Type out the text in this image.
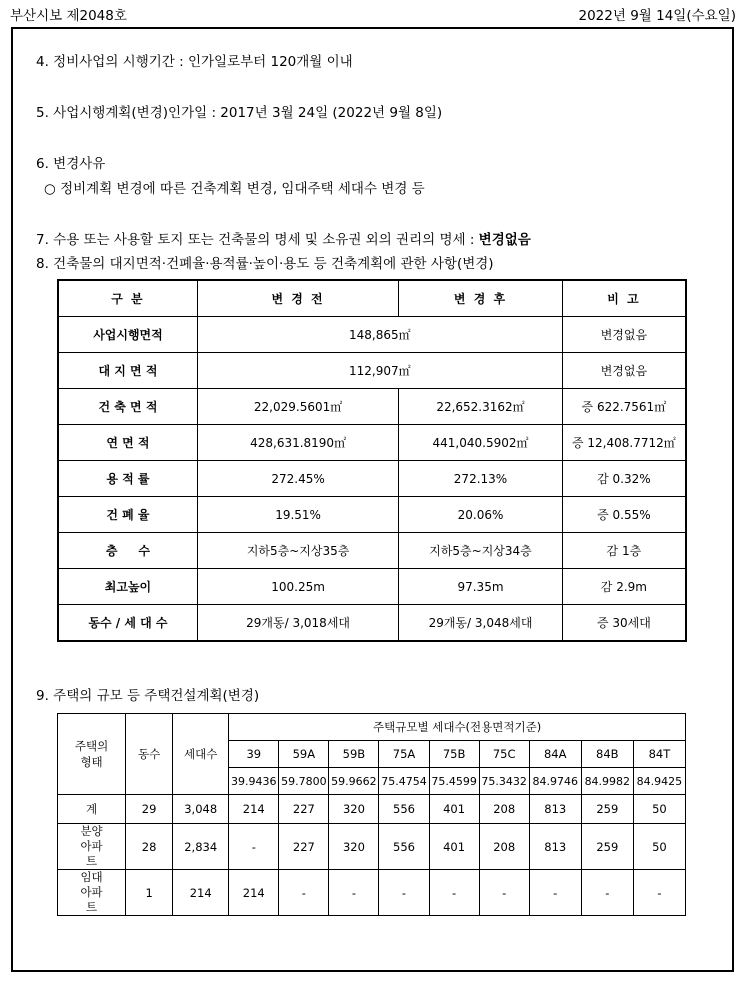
부산시보 제2048호	2022년 9월 14일(수요일)
4. 정비사업의 시행기간 : 인가일로부터 120개월 이내
5. 사업시행계획(변경)인가일 : 2017년 3월 24일 (2022년 9월 8일)
6. 변경사유
○ 정비계획 변경에 따른 건축계획 변경, 임대주택 세대수 변경 등
7. 수용 또는 사용할 토지 또는 건축물의 명세 및 소유권 외의 권리의 명세 : 변경없음
8. 건축물의 대지면적·건폐율·용적률·높이·용도 등 건축계획에 관한 사항(변경)
구 분	변 경 전	변 경 후	비 고
사업시행면적	148,865㎡		변경없음
대 지 면 적	112,907㎡		변경없음
건 축 면 적	22,029.5601㎡	22,652.3162㎡	증 622.7561㎡
연 면 적	428,631.8190㎡	441,040.5902㎡	증 12,408.7712㎡
용 적 률	272.45%	272.13%	감 0.32%
건 폐 율	19.51%	20.06%	증 0.55%
층     수	지하5층~지상35층	지하5층~지상34층	감 1층
최고높이	100.25m	97.35m	감 2.9m
동수 / 세 대 수	29개동/ 3,018세대	29개동/ 3,048세대	증 30세대
9. 주택의 규모 등 주택건설계획(변경)
주택의 형태	동수	세대수	주택규모별 세대수(전용면적기준)								
			39	59A	59B	75A	75B	75C	84A	84B	84T
			39.9436	59.7800	59.9662	75.4754	75.4599	75.3432	84.9746	84.9982	84.9425
계	29	3,048	214	227	320	556	401	208	813	259	50

분양 아파트	28	2,834	-	227	320	556	401	208	813	259	50

임대 아파트	1	214	214	-	-	-	-	-	-	-	-
